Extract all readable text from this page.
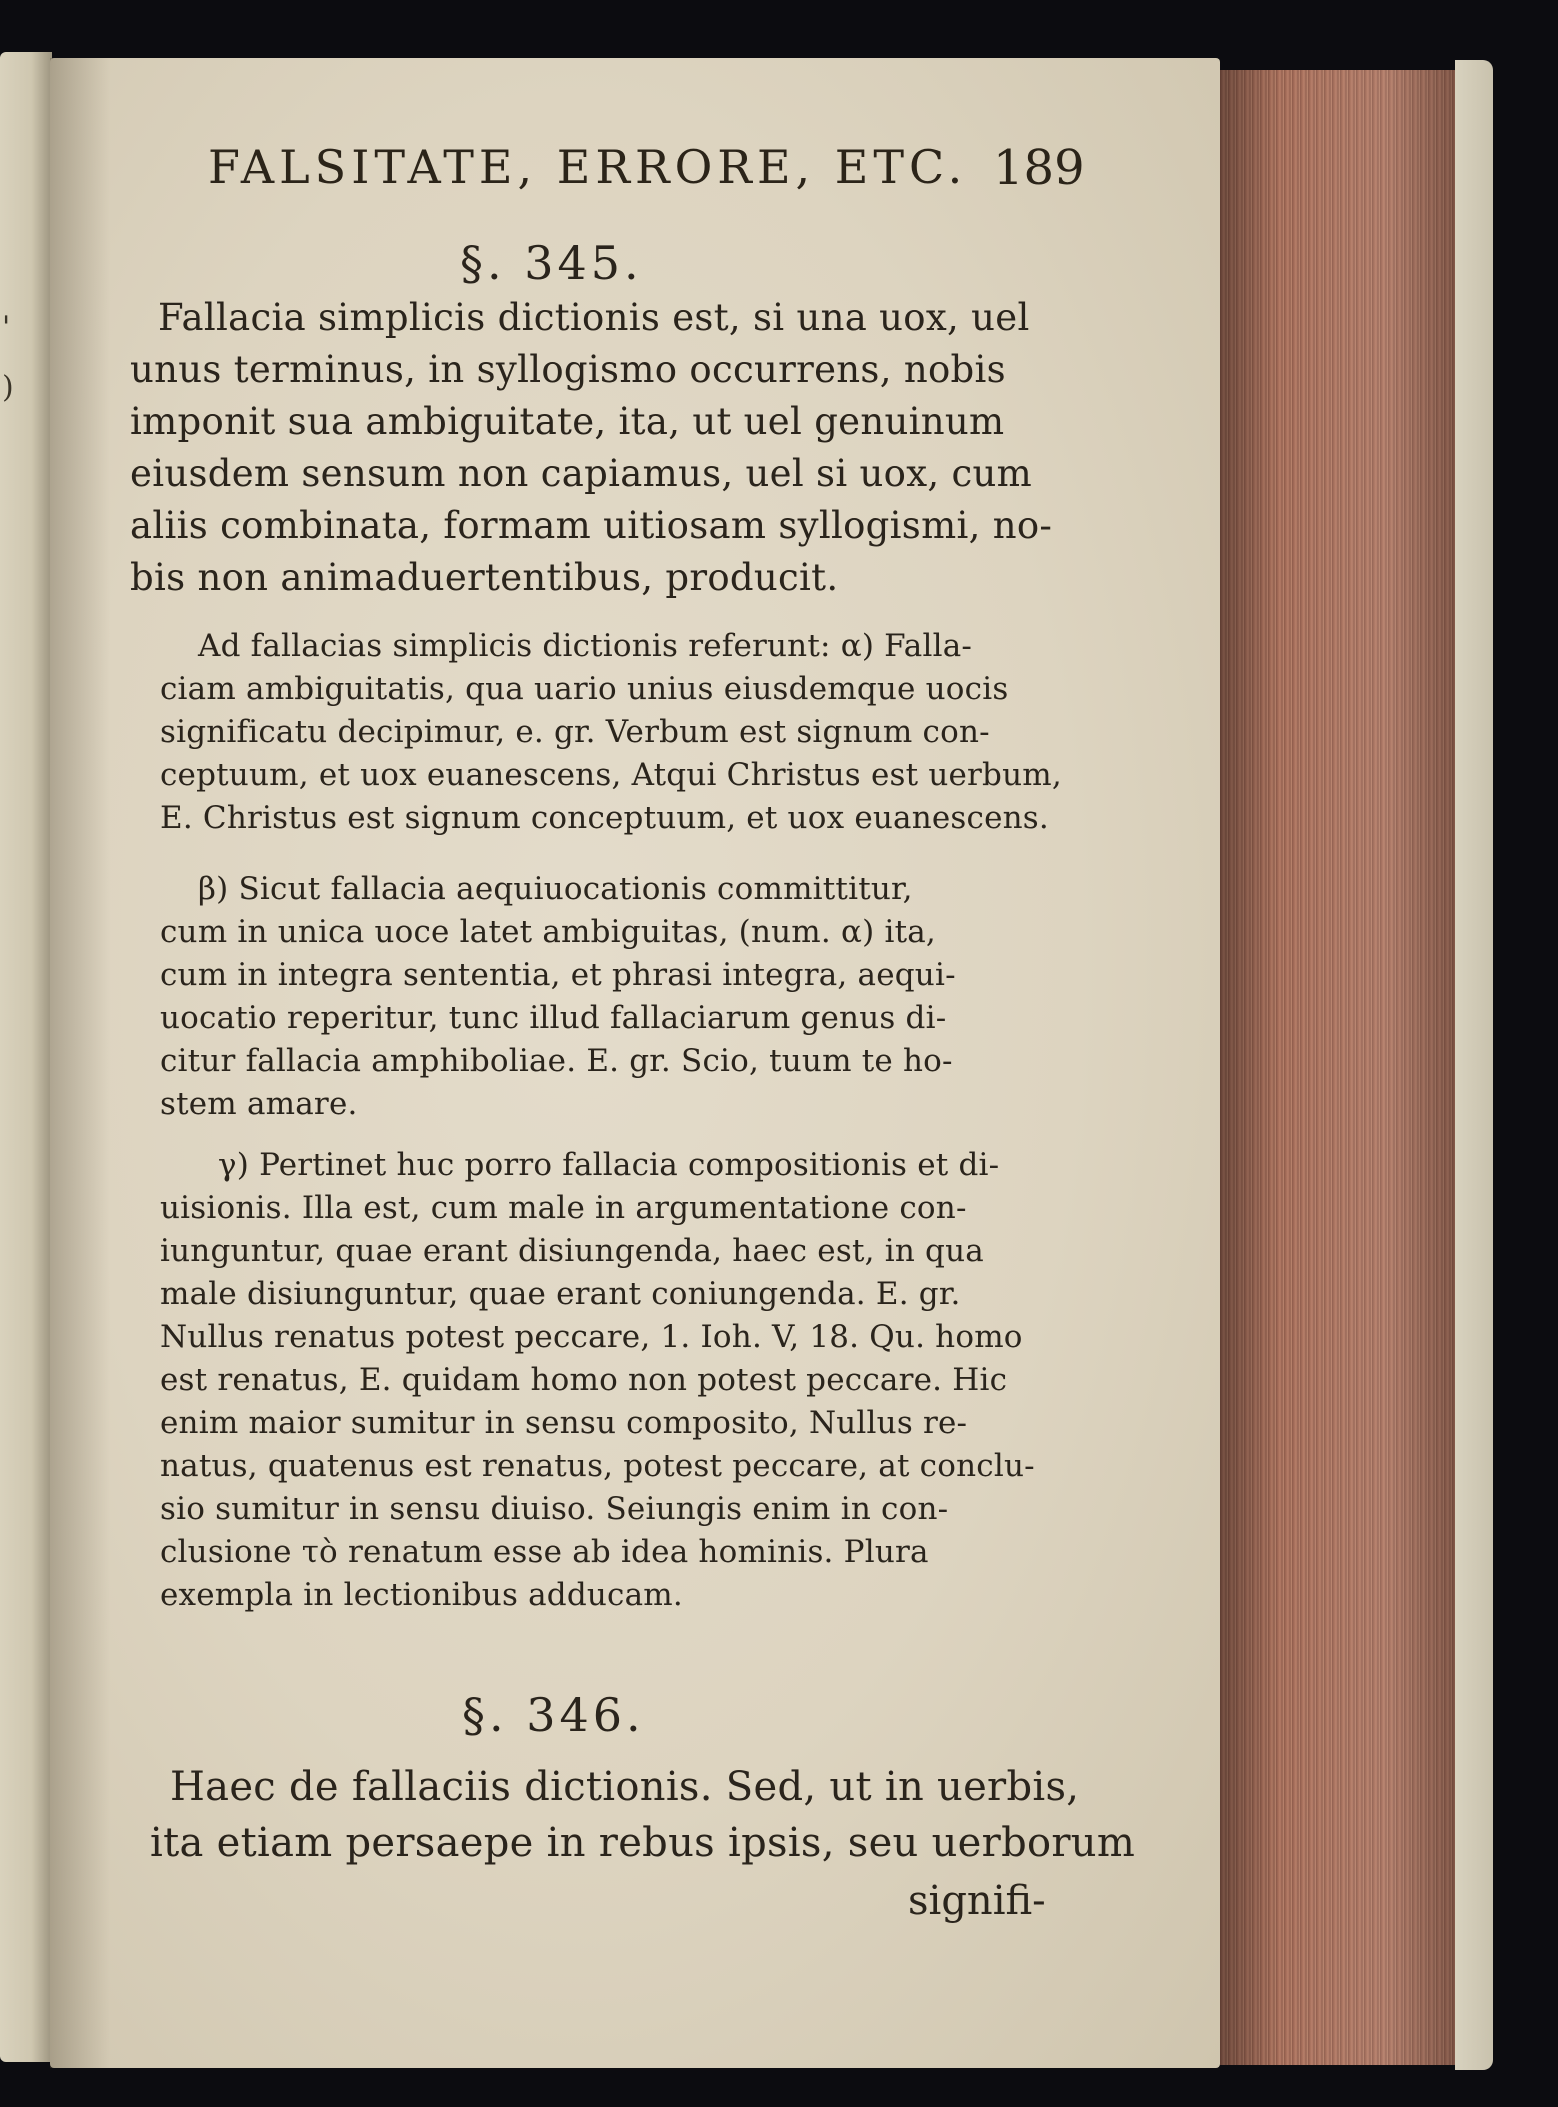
'
)
FALSITATE, ERRORE, ETC. 189
§. 345.
Fallacia simplicis dictionis est, si una uox, uel
unus terminus, in syllogismo occurrens, nobis
imponit sua ambiguitate, ita, ut uel genuinum
eiusdem sensum non capiamus, uel si uox, cum
aliis combinata, formam uitiosam syllogismi, no-
bis non animaduertentibus, producit.
Ad fallacias simplicis dictionis referunt: α) Falla-
ciam ambiguitatis, qua uario unius eiusdemque uocis
significatu decipimur, e. gr. Verbum est signum con-
ceptuum, et uox euanescens, Atqui Christus est uerbum,
E. Christus est signum conceptuum, et uox euanescens.
β) Sicut fallacia aequiuocationis committitur,
cum in unica uoce latet ambiguitas, (num. α) ita,
cum in integra sententia, et phrasi integra, aequi-
uocatio reperitur, tunc illud fallaciarum genus di-
citur fallacia amphiboliae. E. gr. Scio, tuum te ho-
stem amare.
γ) Pertinet huc porro fallacia compositionis et di-
uisionis. Illa est, cum male in argumentatione con-
iunguntur, quae erant disiungenda, haec est, in qua
male disiunguntur, quae erant coniungenda. E. gr.
Nullus renatus potest peccare, 1. Ioh. V, 18. Qu. homo
est renatus, E. quidam homo non potest peccare. Hic
enim maior sumitur in sensu composito, Nullus re-
natus, quatenus est renatus, potest peccare, at conclu-
sio sumitur in sensu diuiso. Seiungis enim in con-
clusione τὸ renatum esse ab idea hominis. Plura
exempla in lectionibus adducam.
§. 346.
Haec de fallaciis dictionis. Sed, ut in uerbis,
ita etiam persaepe in rebus ipsis, seu uerborum
signifi-
